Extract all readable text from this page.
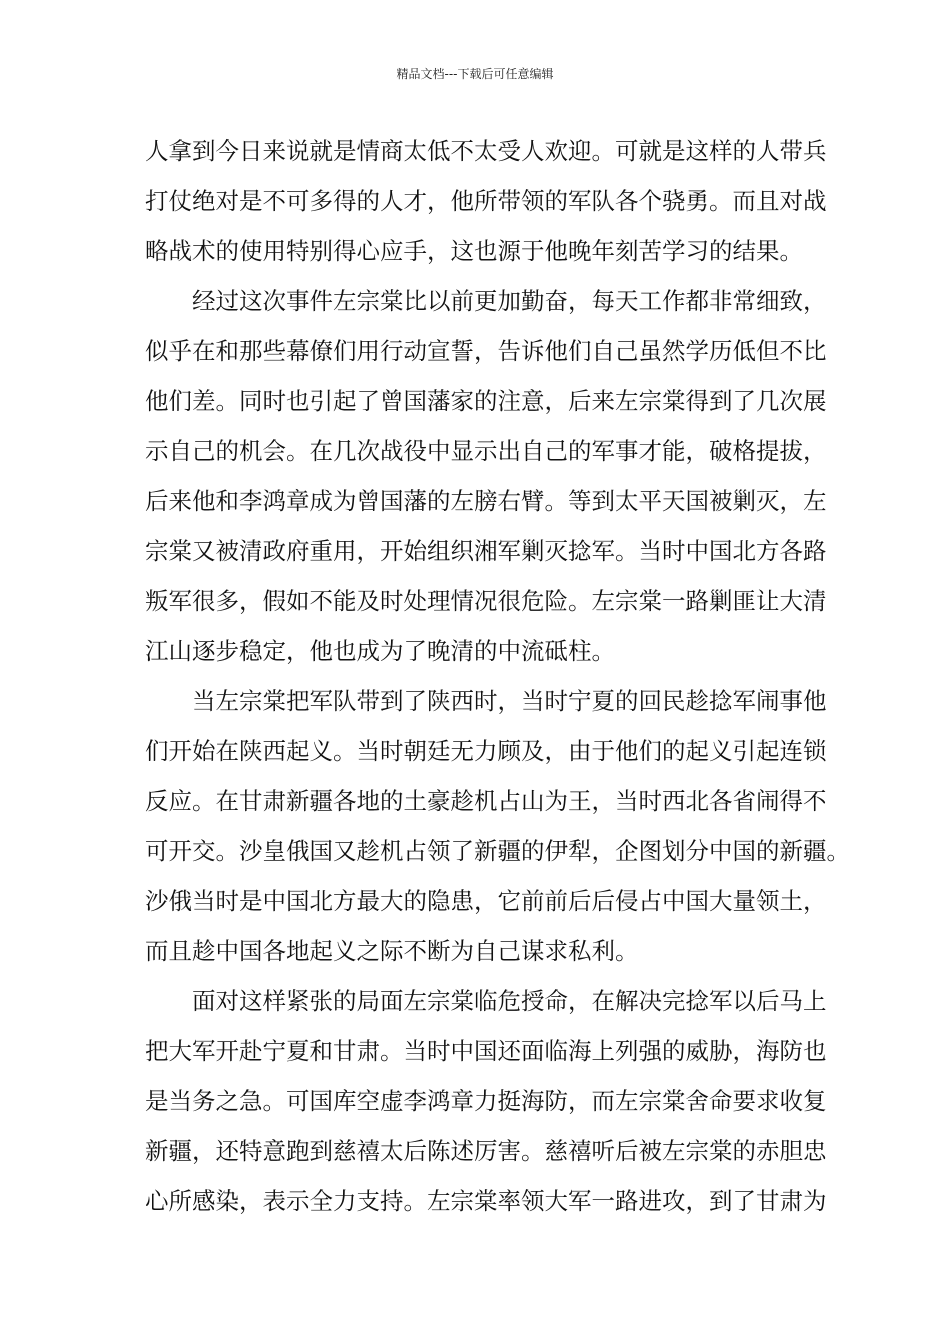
精品文档---下载后可任意编辑

人拿到今日来说就是情商太低不太受人欢迎。可就是这样的人带兵
打仗绝对是不可多得的人才，他所带领的军队各个骁勇。而且对战
略战术的使用特别得心应手，这也源于他晚年刻苦学习的结果。

经过这次事件左宗棠比以前更加勤奋，每天工作都非常细致，
似乎在和那些幕僚们用行动宣誓，告诉他们自己虽然学历低但不比
他们差。同时也引起了曾国藩家的注意，后来左宗棠得到了几次展
示自己的机会。在几次战役中显示出自己的军事才能，破格提拔，
后来他和李鸿章成为曾国藩的左膀右臂。等到太平天国被剿灭，左
宗棠又被清政府重用，开始组织湘军剿灭捻军。当时中国北方各路
叛军很多，假如不能及时处理情况很危险。左宗棠一路剿匪让大清
江山逐步稳定，他也成为了晚清的中流砥柱。

当左宗棠把军队带到了陕西时，当时宁夏的回民趁捻军闹事他
们开始在陕西起义。当时朝廷无力顾及，由于他们的起义引起连锁
反应。在甘肃新疆各地的土豪趁机占山为王，当时西北各省闹得不
可开交。沙皇俄国又趁机占领了新疆的伊犁，企图划分中国的新疆。
沙俄当时是中国北方最大的隐患，它前前后后侵占中国大量领土，
而且趁中国各地起义之际不断为自己谋求私利。

面对这样紧张的局面左宗棠临危授命，在解决完捻军以后马上
把大军开赴宁夏和甘肃。当时中国还面临海上列强的威胁，海防也
是当务之急。可国库空虚李鸿章力挺海防，而左宗棠舍命要求收复
新疆，还特意跑到慈禧太后陈述厉害。慈禧听后被左宗棠的赤胆忠
心所感染，表示全力支持。左宗棠率领大军一路进攻，到了甘肃为
